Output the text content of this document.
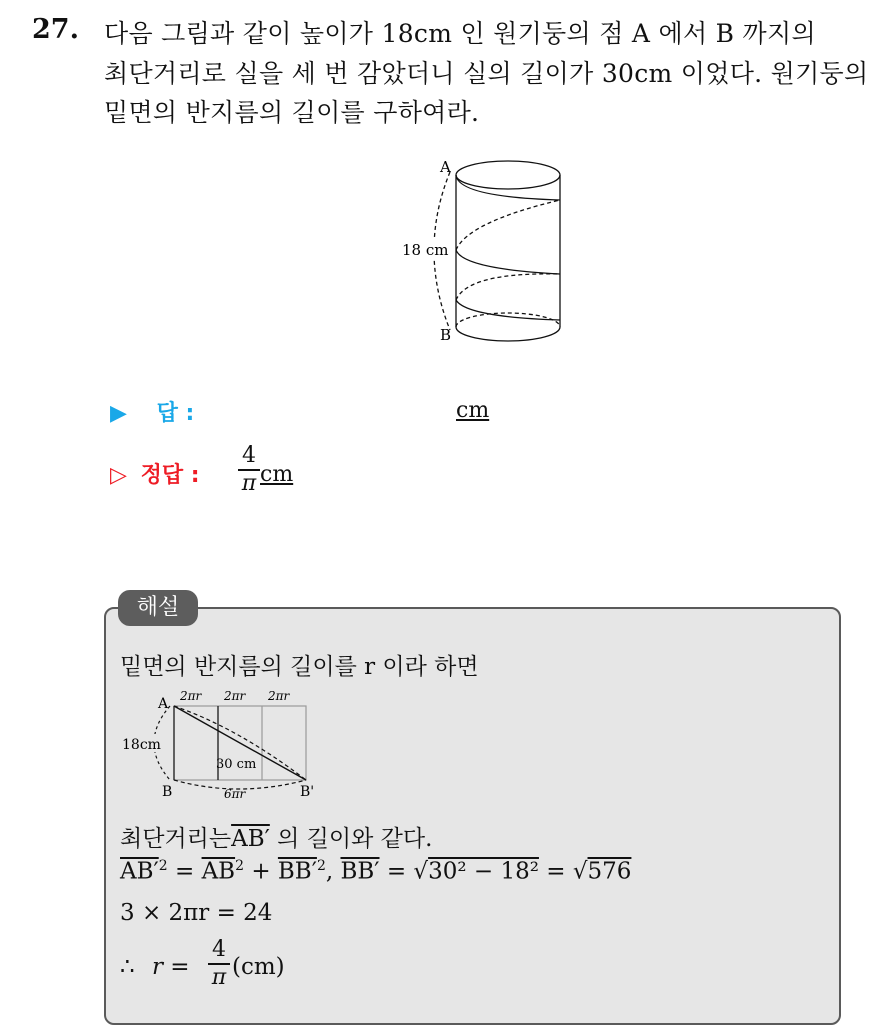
27. 다음 그림과 같이 높이가 18cm 인 원기둥의 점 A 에서 B 까지의
최단거리로 실을 세 번 감았더니 실의 길이가 30cm 이었다. 원기둥의
밑면의 반지름의 길이를 구하여라.
A
B
18 cm
▶ 답 :	cm
▷ 정답 :
4
π cm
해설
밑면의 반지름의 길이를 r 이라 하면
A
B	B'
2πr 2πr 2πr
18cm
30 cm
6πr
최단거리는AB′ 의 길이와 같다.
$AB'^2 = \overline{AB}^2 + BB'^2$, BB′ = √30² − 18² = √576
3 × 2πr = 24
∴ r =
4
π (cm)
